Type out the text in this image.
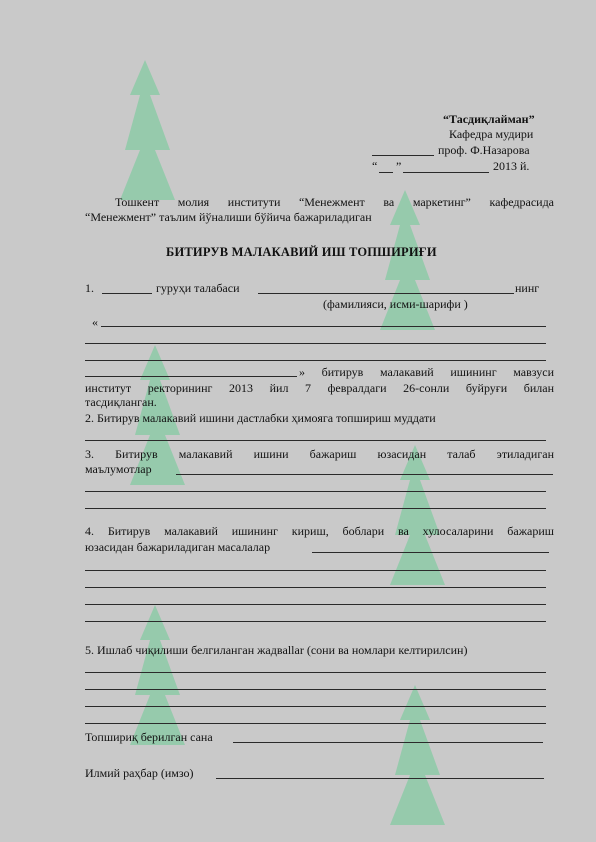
“Тасдиқлайман”
Кафедра мудири
проф. Ф.Назарова
“ ”	2013 й.
Тошкент молия институти “Менежмент ва маркетинг” кафедрасида
“Менежмент” таълим йўналиши бўйича бажариладиган
БИТИРУВ МАЛАКАВИЙ ИШ ТОПШИРИҒИ
1.	гуруҳи талабаси	нинг
(фамилияси, исми-шарифи )
«
» битирув малакавий ишининг мавзуси
институт ректорининг 2013 йил 7 февралдаги 26-сонли буйруғи билан
тасдиқланган.
2. Битирув малакавий ишини дастлабки ҳимояга топшириш муддати
3. Битирув малакавий ишини бажариш юзасидан талаб этиладиган
маълумотлар
4. Битирув малакавий ишининг кириш, боблари ва хулосаларини бажариш
юзасидан бажариладиган масалалар
5. Ишлаб чиқилиши белгиланган жадвallar (сони ва номлари келтирилсин)
Топшириқ берилган сана
Илмий раҳбар (имзо)
